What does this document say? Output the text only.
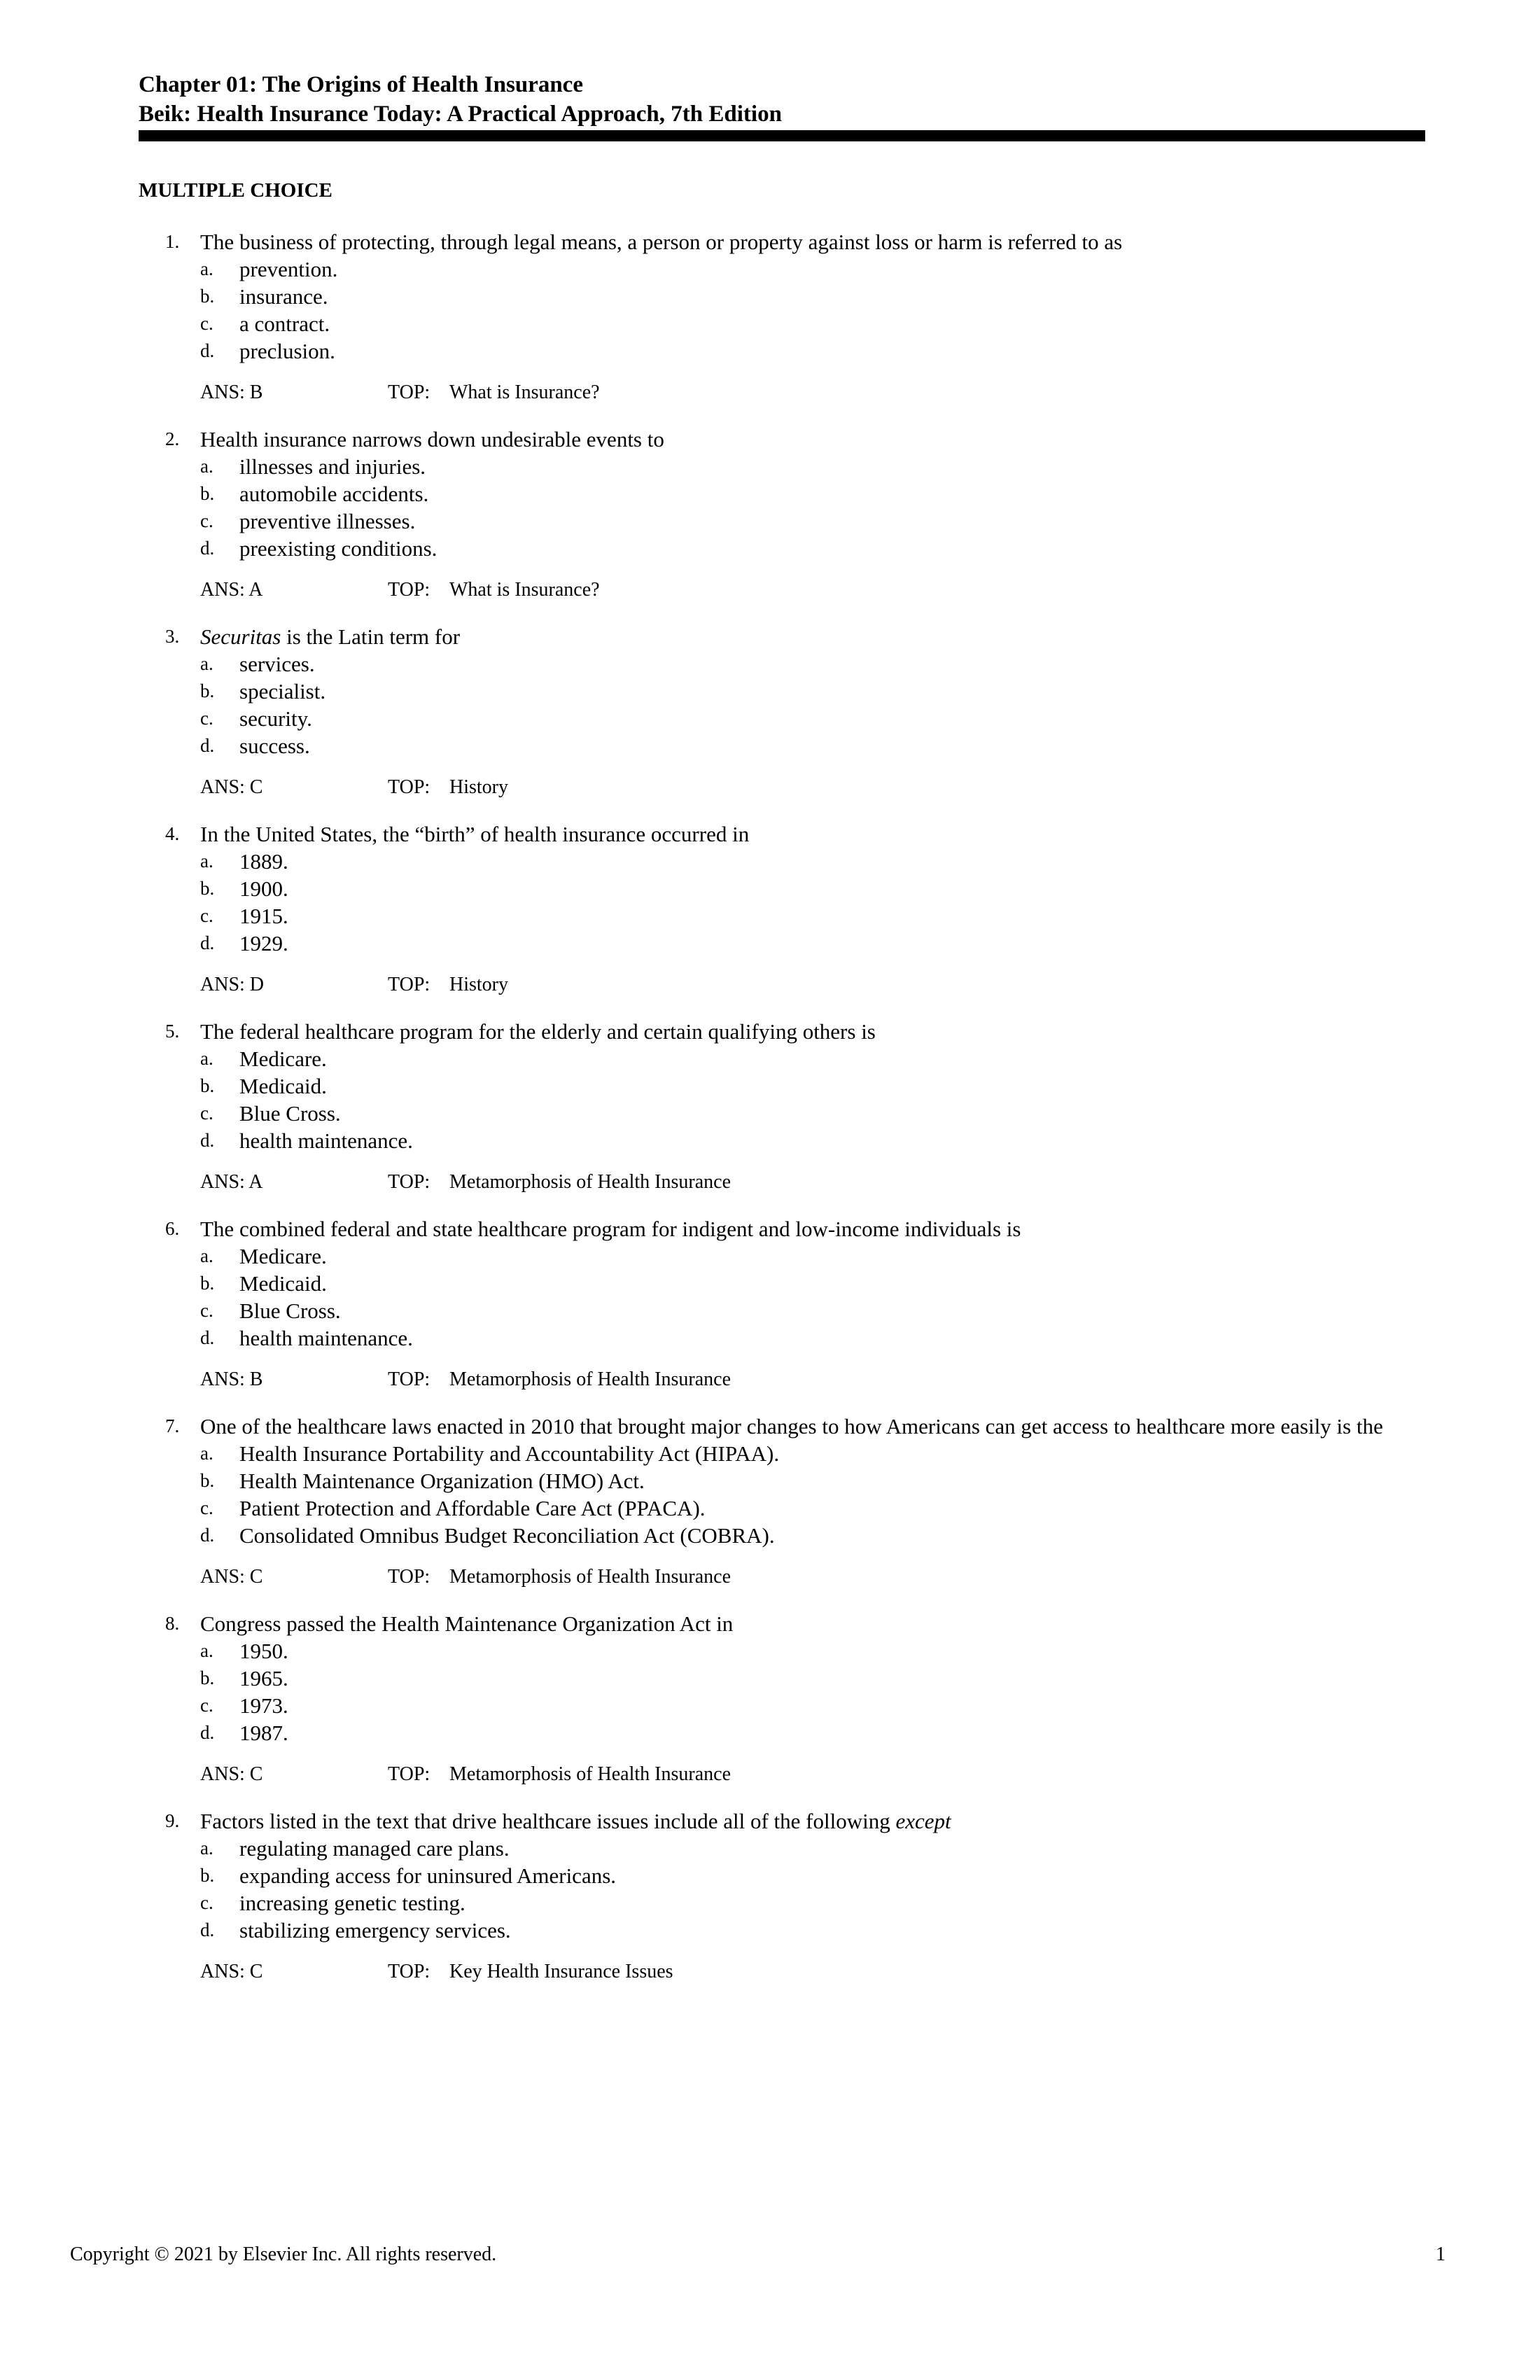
Chapter 01: The Origins of Health Insurance
Beik: Health Insurance Today: A Practical Approach, 7th Edition
MULTIPLE CHOICE
1. The business of protecting, through legal means, a person or property against loss or harm is referred to as
a. prevention.
b. insurance.
c. a contract.
d. preclusion.
ANS: B	TOP: What is Insurance?
2. Health insurance narrows down undesirable events to
a. illnesses and injuries.
b. automobile accidents.
c. preventive illnesses.
d. preexisting conditions.
ANS: A	TOP: What is Insurance?
3. Securitas is the Latin term for
a. services.
b. specialist.
c. security.
d. success.
ANS: C	TOP: History
4. In the United States, the “birth” of health insurance occurred in
a. 1889.
b. 1900.
c. 1915.
d. 1929.
ANS: D	TOP: History
5. The federal healthcare program for the elderly and certain qualifying others is
a. Medicare.
b. Medicaid.
c. Blue Cross.
d. health maintenance.
ANS: A	TOP: Metamorphosis of Health Insurance
6. The combined federal and state healthcare program for indigent and low-income individuals is
a. Medicare.
b. Medicaid.
c. Blue Cross.
d. health maintenance.
ANS: B	TOP: Metamorphosis of Health Insurance
7. One of the healthcare laws enacted in 2010 that brought major changes to how Americans can get access to healthcare more easily is the
a. Health Insurance Portability and Accountability Act (HIPAA).
b. Health Maintenance Organization (HMO) Act.
c. Patient Protection and Affordable Care Act (PPACA).
d. Consolidated Omnibus Budget Reconciliation Act (COBRA).
ANS: C	TOP: Metamorphosis of Health Insurance
8. Congress passed the Health Maintenance Organization Act in
a. 1950.
b. 1965.
c. 1973.
d. 1987.
ANS: C	TOP: Metamorphosis of Health Insurance
9. Factors listed in the text that drive healthcare issues include all of the following except
a. regulating managed care plans.
b. expanding access for uninsured Americans.
c. increasing genetic testing.
d. stabilizing emergency services.
ANS: C	TOP: Key Health Insurance Issues
Copyright © 2021 by Elsevier Inc. All rights reserved.	1
